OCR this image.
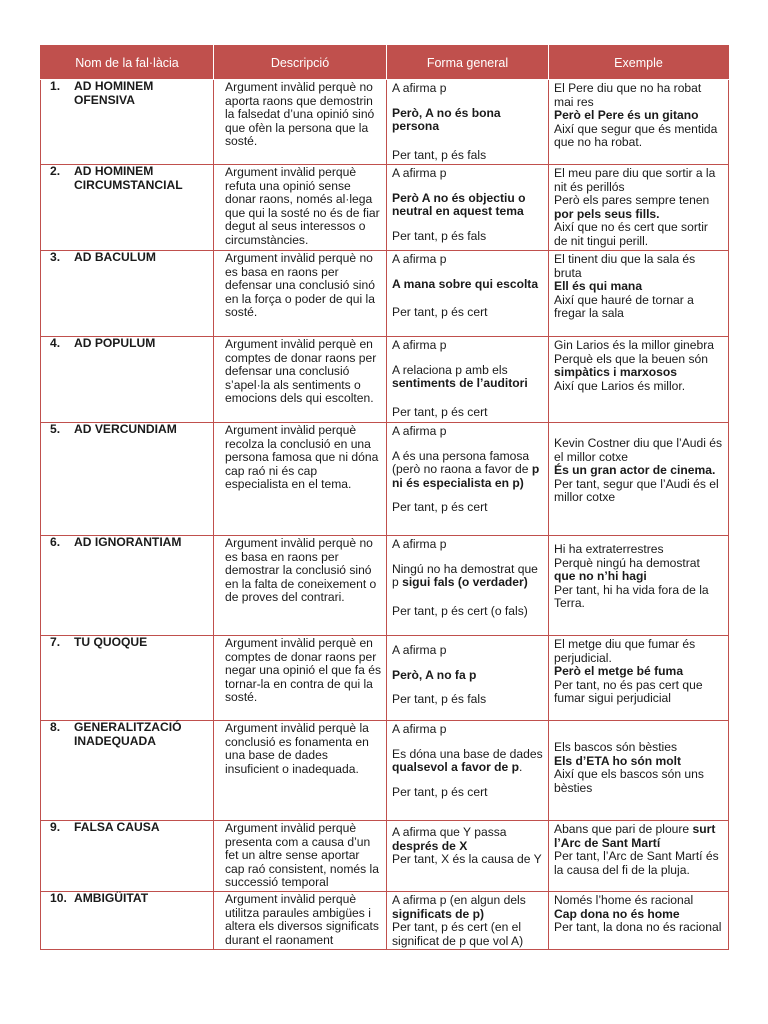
Nom de la fal·làcia	Descripció	Forma general	Exemple

1. AD HOMINEM OFENSIVA	Argument invàlid perquè no aporta raons que demostrin la falsedat d’una opinió sinó que ofèn la persona que la sosté.	A afirma p
Però, A no és bona persona
Per tant, p és fals	El Pere diu que no ha robat mai res
Però el Pere és un gitano
Així que segur que és mentida que no ha robat.

2. AD HOMINEM CIRCUMSTANCIAL	Argument invàlid perquè refuta una opinió sense donar raons, només al·lega que qui la sosté no és de fiar degut al seus interessos o circumstàncies.	A afirma p
Però A no és objectiu o neutral en aquest tema
Per tant, p és fals	El meu pare diu que sortir a la nit és perillós
Però els pares sempre tenen por pels seus fills.
Així que no és cert que sortir de nit tingui perill.

3. AD BACULUM	Argument invàlid perquè no es basa en raons per defensar una conclusió sinó en la força o poder de qui la sosté.	A afirma p
A mana sobre qui escolta
Per tant, p és cert	El tinent diu que la sala és bruta
Ell és qui mana
Així que hauré de tornar a fregar la sala

4. AD POPULUM	Argument invàlid perquè en comptes de donar raons per defensar una conclusió s’apel·la als sentiments o emocions dels qui escolten.	A afirma p
A relaciona p amb els sentiments de l’auditori
Per tant, p és cert	Gin Larios és la millor ginebra
Perquè els que la beuen són simpàtics i marxosos
Així que Larios és millor.

5. AD VERCUNDIAM	Argument invàlid perquè recolza la conclusió en una persona famosa que ni dóna cap raó ni és cap especialista en el tema.	A afirma p
A és una persona famosa (però no raona a favor de p ni és especialista en p)
Per tant, p és cert	Kevin Costner diu que l’Audi és el millor cotxe
És un gran actor de cinema.
Per tant, segur que l’Audi és el millor cotxe

6. AD IGNORANTIAM	Argument invàlid perquè no es basa en raons per demostrar la conclusió sinó en la falta de coneixement o de proves del contrari.	A afirma p
Ningú no ha demostrat que p sigui fals (o verdader)
Per tant, p és cert (o fals)	Hi ha extraterrestres
Perquè ningú ha demostrat que no n’hi hagi
Per tant, hi ha vida fora de la Terra.

7. TU QUOQUE	Argument invàlid perquè en comptes de donar raons per negar una opinió el que fa és tornar-la en contra de qui la sosté.	A afirma p
Però, A no fa p
Per tant, p és fals	El metge diu que fumar és perjudicial.
Però el metge bé fuma
Per tant, no és pas cert que fumar sigui perjudicial

8. GENERALITZACIÓ INADEQUADA	Argument invàlid perquè la conclusió es fonamenta en una base de dades insuficient o inadequada.	A afirma p
Es dóna una base de dades qualsevol a favor de p.
Per tant, p és cert	Els bascos són bèsties
Els d’ETA ho són molt
Així que els bascos són uns bèsties

9. FALSA CAUSA	Argument invàlid perquè presenta com a causa d’un fet un altre sense aportar cap raó consistent, només la successió temporal	A afirma que Y passa després de X
Per tant, X és la causa de Y	Abans que pari de ploure surt l’Arc de Sant Martí
Per tant, l’Arc de Sant Martí és la causa del fi de la pluja.

10. AMBIGÜITAT	Argument invàlid perquè utilitza paraules ambigües i altera els diversos significats durant el raonament	A afirma p (en algun dels significats de p)
Per tant, p és cert (en el significat de p que vol A)	Només l’home és racional
Cap dona no és home
Per tant, la dona no és racional
